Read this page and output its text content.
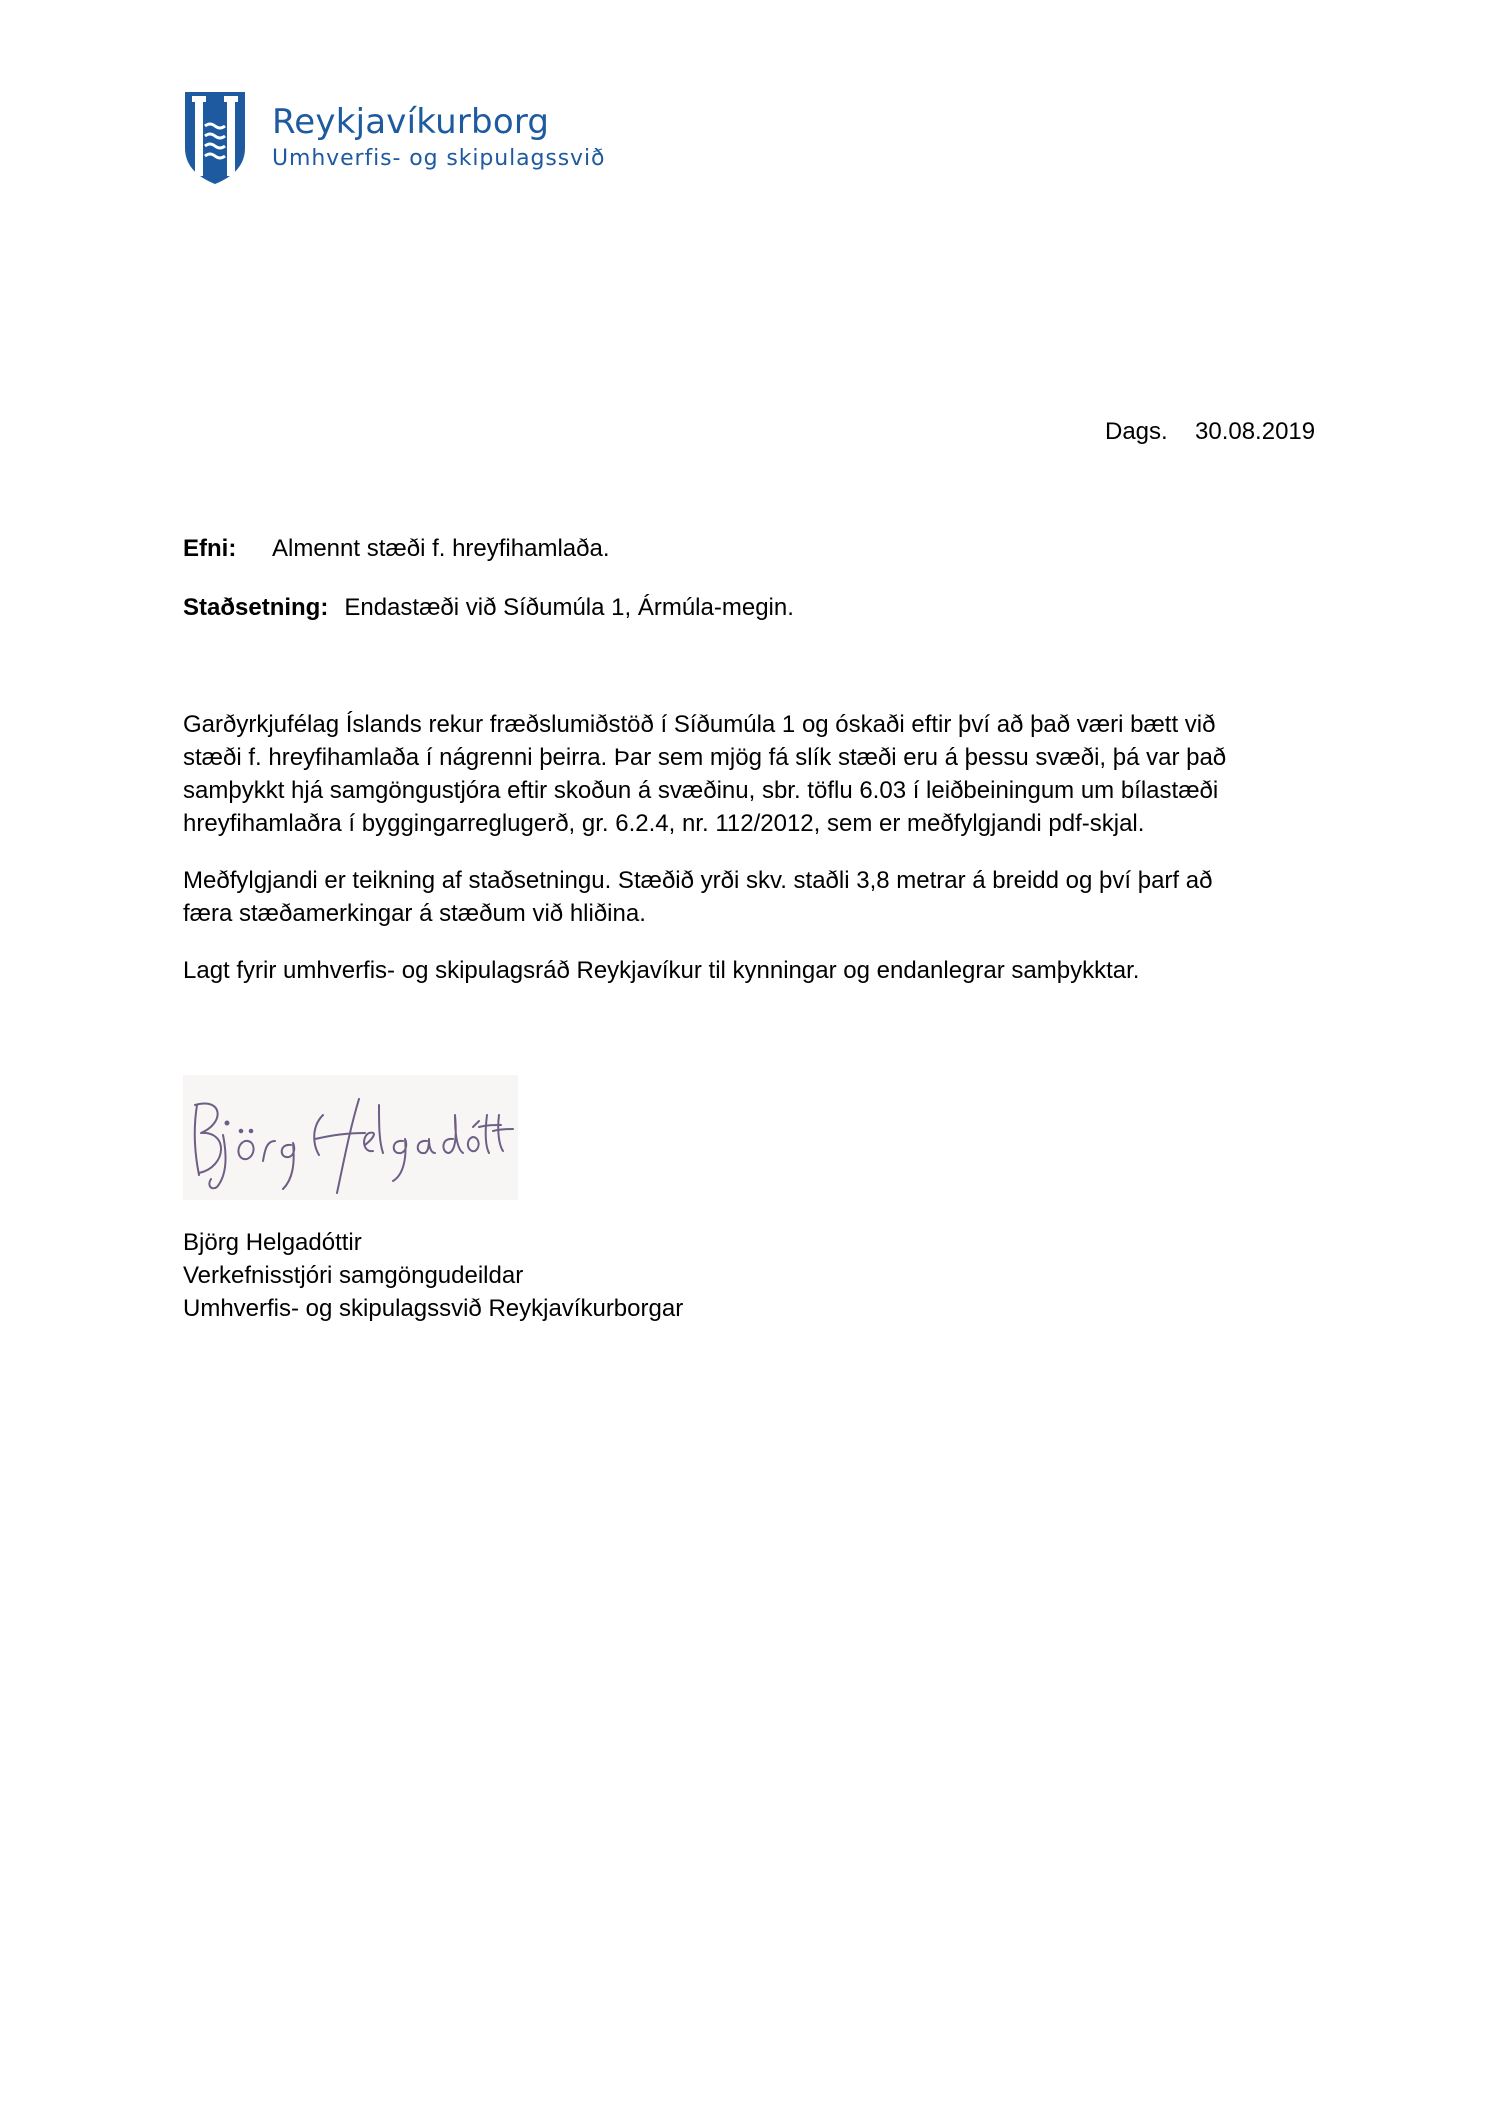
Reykjavíkurborg
Umhverfis- og skipulagssvið
Dags. 30.08.2019
Efni: Almennt stæði f. hreyfihamlaða.
Staðsetning: Endastæði við Síðumúla 1, Ármúla-megin.

Garðyrkjufélag Íslands rekur fræðslumiðstöð í Síðumúla 1 og óskaði eftir því að það væri bætt við
stæði f. hreyfihamlaða í nágrenni þeirra. Þar sem mjög fá slík stæði eru á þessu svæði, þá var það
samþykkt hjá samgöngustjóra eftir skoðun á svæðinu, sbr. töflu 6.03 í leiðbeiningum um bílastæði
hreyfihamlaðra í byggingarreglugerð, gr. 6.2.4, nr. 112/2012, sem er meðfylgjandi pdf-skjal.

Meðfylgjandi er teikning af staðsetningu. Stæðið yrði skv. staðli 3,8 metrar á breidd og því þarf að
færa stæðamerkingar á stæðum við hliðina.

Lagt fyrir umhverfis- og skipulagsráð Reykjavíkur til kynningar og endanlegrar samþykktar.

Björg Helgadóttir
Verkefnisstjóri samgöngudeildar
Umhverfis- og skipulagssvið Reykjavíkurborgar
